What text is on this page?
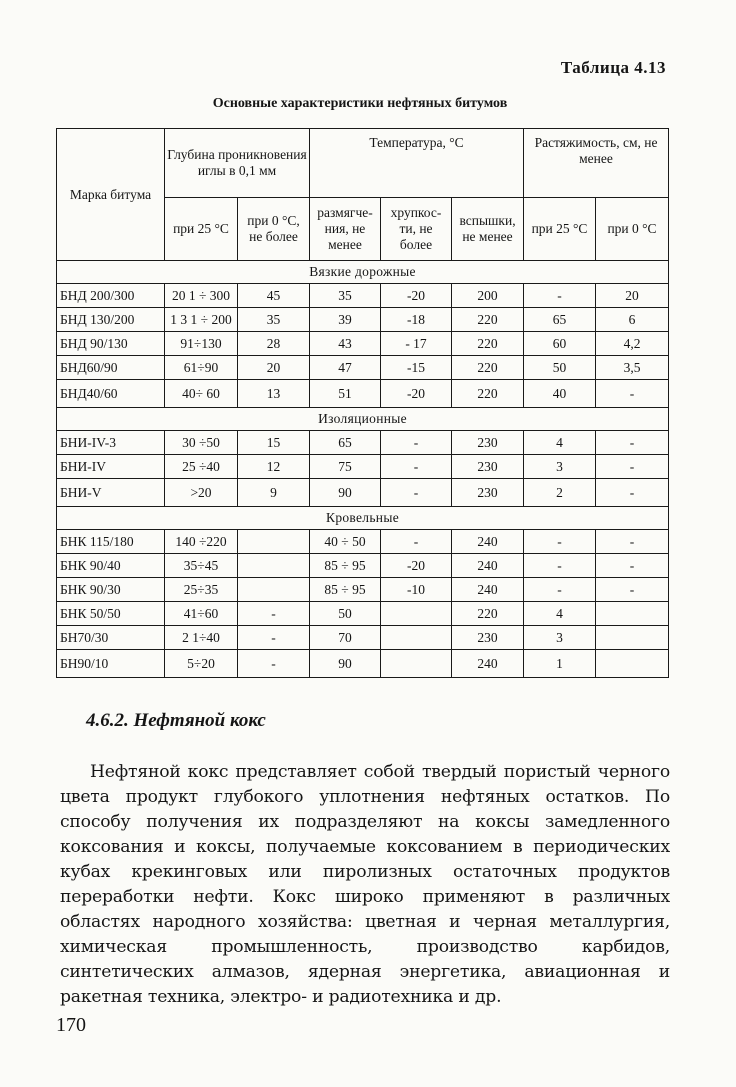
Таблица 4.13
Основные характеристики нефтяных битумов
Марка битума	Глубина проникновения иглы в 0,1 мм		Температура, °С			Растяжимость, см, не менее	
	при 25 °С	при 0 °С, не более	размягче-ния, не менее	хрупкос-ти, не более	вспышки, не менее	при 25 °С	при 0 °С
Вязкие дорожные							
БНД 200/300	20 1 ÷ 300	45	35	-20	200	-	20
БНД 130/200	1 3 1 ÷ 200	35	39	-18	220	65	6
БНД 90/130	91÷130	28	43	- 17	220	60	4,2
БНД60/90	61÷90	20	47	-15	220	50	3,5
БНД40/60	40÷ 60	13	51	-20	220	40	-
Изоляционные							
БНИ-IV-3	30 ÷50	15	65	-	230	4	-
БНИ-IV	25 ÷40	12	75	-	230	3	-
БНИ-V	>20	9	90	-	230	2	-
Кровельные							
БНК 115/180	140 ÷220		40 ÷ 50	-	240	-	-
БНК 90/40	35÷45		85 ÷ 95	-20	240	-	-
БНК 90/30	25÷35		85 ÷ 95	-10	240	-	-
БНК 50/50	41÷60	-	50		220	4	
БН70/30	2 1÷40	-	70		230	3	
БН90/10	5÷20	-	90		240	1	
4.6.2. Нефтяной кокс
Нефтяной кокс представляет собой твердый пористый черного цвета продукт глубокого уплотнения нефтяных остатков. По способу получения их подразделяют на коксы замедленного коксования и коксы, получаемые коксованием в периодических кубах крекинговых или пиролизных остаточных продуктов переработки нефти. Кокс широко применяют в различных областях народного хозяйства: цветная и черная металлургия, химическая промышленность, производство карбидов, синтетических алмазов, ядерная энергетика, авиационная и ракетная техника, электро- и радиотехника и др.
170
